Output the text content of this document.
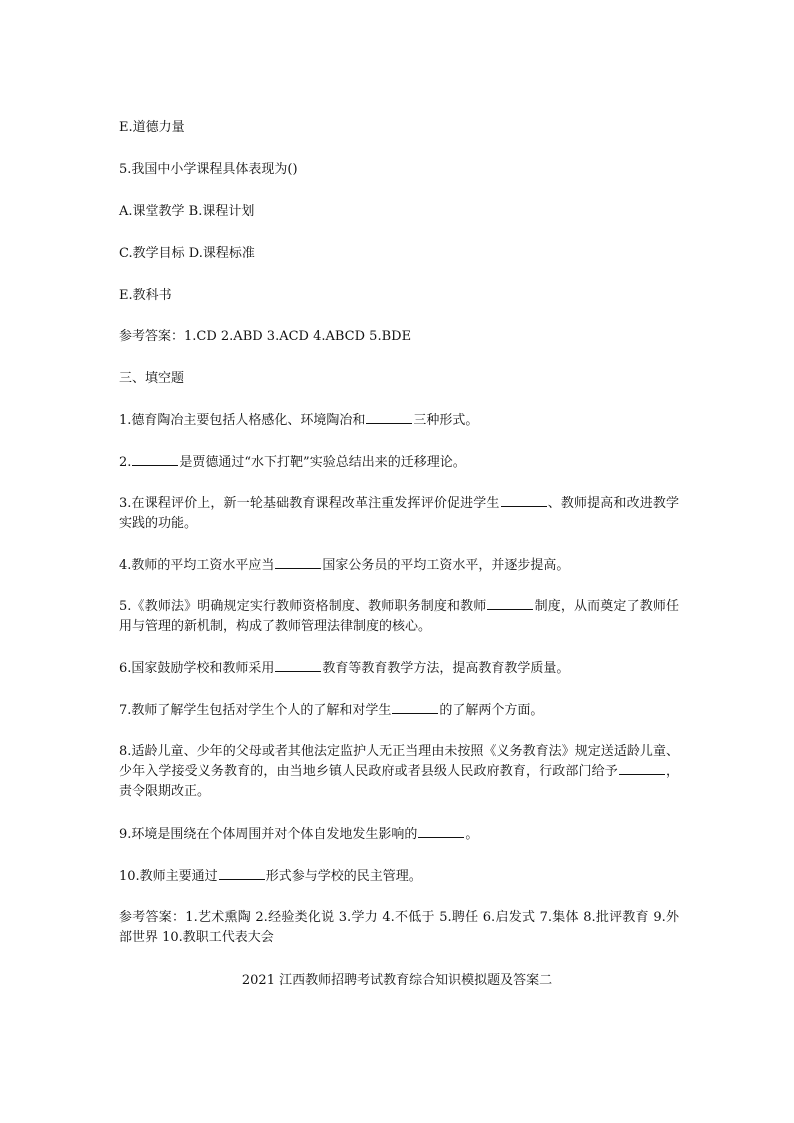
E.道德力量
5.我国中小学课程具体表现为()
A.课堂教学 B.课程计划
C.教学目标 D.课程标准
E.教科书
参考答案：1.CD 2.ABD 3.ACD 4.ABCD 5.BDE
三、填空题
1.德育陶冶主要包括人格感化、环境陶冶和	三种形式。
2.	是贾德通过“水下打靶”实验总结出来的迁移理论。
3.在课程评价上，新一轮基础教育课程改革注重发挥评价促进学生	、教师提高和改进教学实践的功能。
4.教师的平均工资水平应当	国家公务员的平均工资水平，并逐步提高。
5.《教师法》明确规定实行教师资格制度、教师职务制度和教师	制度，从而奠定了教师任用与管理的新机制，构成了教师管理法律制度的核心。
6.国家鼓励学校和教师采用	教育等教育教学方法，提高教育教学质量。
7.教师了解学生包括对学生个人的了解和对学生	的了解两个方面。
8.适龄儿童、少年的父母或者其他法定监护人无正当理由未按照《义务教育法》规定送适龄儿童、少年入学接受义务教育的，由当地乡镇人民政府或者县级人民政府教育，行政部门给予	，责令限期改正。
9.环境是围绕在个体周围并对个体自发地发生影响的	。
10.教师主要通过	形式参与学校的民主管理。
参考答案：1.艺术熏陶 2.经验类化说 3.学力 4.不低于 5.聘任 6.启发式 7.集体 8.批评教育 9.外部世界 10.教职工代表大会
2021 江西教师招聘考试教育综合知识模拟题及答案二
